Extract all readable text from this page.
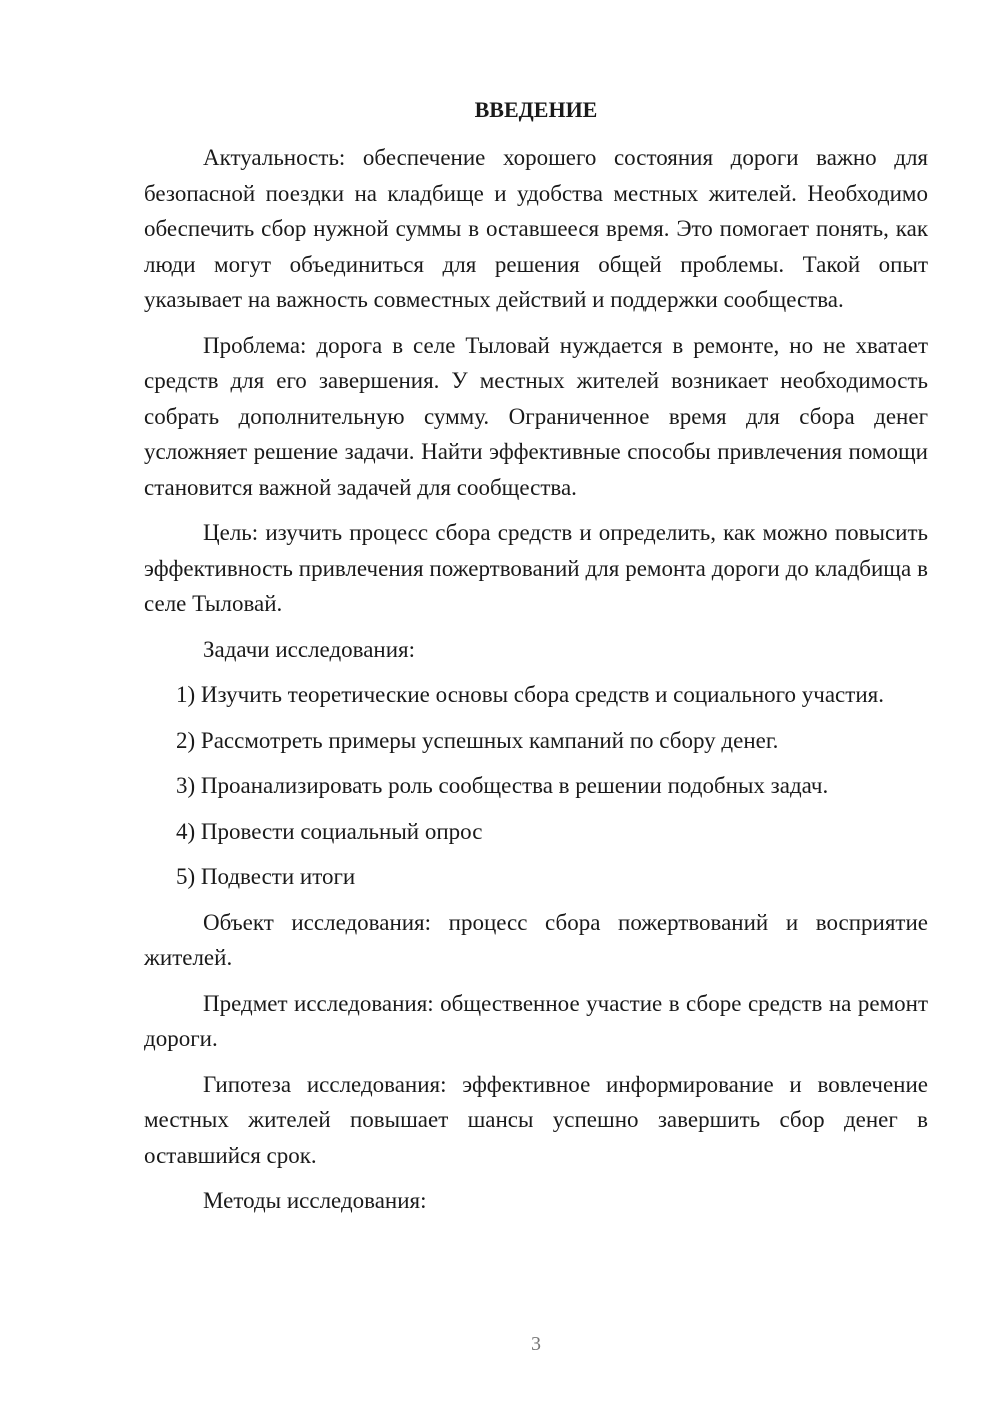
ВВЕДЕНИЕ

Актуальность: обеспечение хорошего состояния дороги важно для безопасной поездки на кладбище и удобства местных жителей. Необходимо обеспечить сбор нужной суммы в оставшееся время. Это помогает понять, как люди могут объединиться для решения общей проблемы. Такой опыт указывает на важность совместных действий и поддержки сообщества.

Проблема: дорога в селе Тыловай нуждается в ремонте, но не хватает средств для его завершения. У местных жителей возникает необходимость собрать дополнительную сумму. Ограниченное время для сбора денег усложняет решение задачи. Найти эффективные способы привлечения помощи становится важной задачей для сообщества.

Цель: изучить процесс сбора средств и определить, как можно повысить эффективность привлечения пожертвований для ремонта дороги до кладбища в селе Тыловай.

Задачи исследования:

1) Изучить теоретические основы сбора средств и социального участия.
2) Рассмотреть примеры успешных кампаний по сбору денег.
3) Проанализировать роль сообщества в решении подобных задач.
4) Провести социальный опрос
5) Подвести итоги

Объект исследования: процесс сбора пожертвований и восприятие жителей.

Предмет исследования: общественное участие в сборе средств на ремонт дороги.

Гипотеза исследования: эффективное информирование и вовлечение местных жителей повышает шансы успешно завершить сбор денег в оставшийся срок.

Методы исследования:

3
